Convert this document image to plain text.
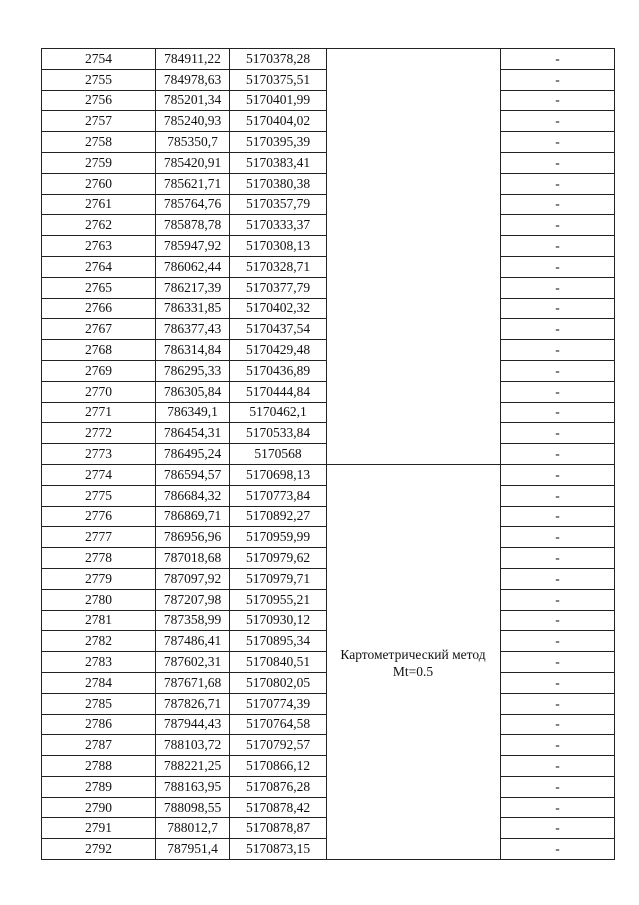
2754	784911,22	5170378,28		-
2755	784978,63	5170375,51		-
2756	785201,34	5170401,99		-
2757	785240,93	5170404,02		-
2758	785350,7	5170395,39		-
2759	785420,91	5170383,41		-
2760	785621,71	5170380,38		-
2761	785764,76	5170357,79		-
2762	785878,78	5170333,37		-
2763	785947,92	5170308,13		-
2764	786062,44	5170328,71		-
2765	786217,39	5170377,79		-
2766	786331,85	5170402,32		-
2767	786377,43	5170437,54		-
2768	786314,84	5170429,48		-
2769	786295,33	5170436,89		-
2770	786305,84	5170444,84		-
2771	786349,1	5170462,1		-
2772	786454,31	5170533,84		-
2773	786495,24	5170568		-
2774	786594,57	5170698,13		-
2775	786684,32	5170773,84		-
2776	786869,71	5170892,27		-
2777	786956,96	5170959,99		-
2778	787018,68	5170979,62		-
2779	787097,92	5170979,71		-
2780	787207,98	5170955,21		-
2781	787358,99	5170930,12		-
2782	787486,41	5170895,34		-
2783	787602,31	5170840,51		-
2784	787671,68	5170802,05		-
2785	787826,71	5170774,39		-
2786	787944,43	5170764,58		-
2787	788103,72	5170792,57		-
2788	788221,25	5170866,12		-
2789	788163,95	5170876,28		-
2790	788098,55	5170878,42		-
2791	788012,7	5170878,87		-
2792	787951,4	5170873,15		-
Картометрический метод
Mt=0.5
